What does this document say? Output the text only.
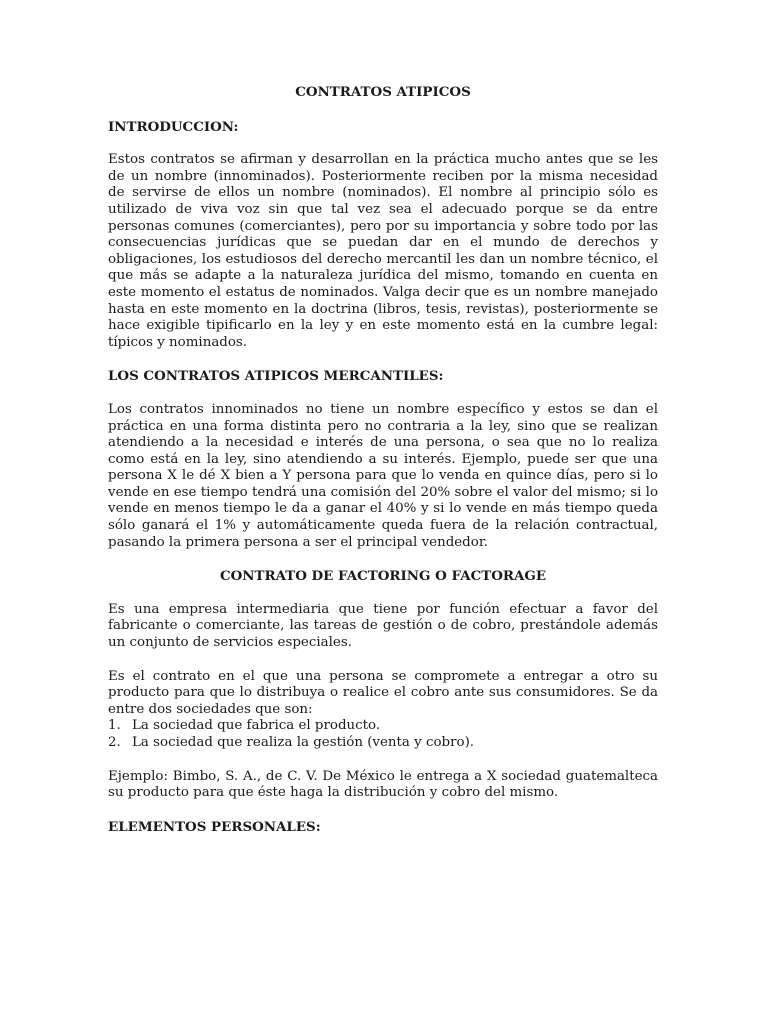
CONTRATOS ATIPICOS
INTRODUCCION:

Estos contratos se afirman y desarrollan en la práctica mucho antes que se les de un nombre (innominados). Posteriormente reciben por la misma necesidad de servirse de ellos un nombre (nominados). El nombre al principio sólo es utilizado de viva voz sin que tal vez sea el adecuado porque se da entre personas comunes (comerciantes), pero por su importancia y sobre todo por las consecuencias jurídicas que se puedan dar en el mundo de derechos y obligaciones, los estudiosos del derecho mercantil les dan un nombre técnico, el que más se adapte a la naturaleza jurídica del mismo, tomando en cuenta en este momento el estatus de nominados. Valga decir que es un nombre manejado hasta en este momento en la doctrina (libros, tesis, revistas), posteriormente se hace exigible tipificarlo en la ley y en este momento está en la cumbre legal: típicos y nominados.

LOS CONTRATOS ATIPICOS MERCANTILES:

Los contratos innominados no tiene un nombre específico y estos se dan el práctica en una forma distinta pero no contraria a la ley, sino que se realizan atendiendo a la necesidad e interés de una persona, o sea que no lo realiza como está en la ley, sino atendiendo a su interés. Ejemplo, puede ser que una persona X le dé X bien a Y persona para que lo venda en quince días, pero si lo vende en ese tiempo tendrá una comisión del 20% sobre el valor del mismo; si lo vende en menos tiempo le da a ganar el 40% y si lo vende en más tiempo queda sólo ganará el 1% y automáticamente queda fuera de la relación contractual, pasando la primera persona a ser el principal vendedor.

CONTRATO DE FACTORING O FACTORAGE

Es una empresa intermediaria que tiene por función efectuar a favor del fabricante o comerciante, las tareas de gestión o de cobro, prestándole además un conjunto de servicios especiales.

Es el contrato en el que una persona se compromete a entregar a otro su producto para que lo distribuya o realice el cobro ante sus consumidores. Se da entre dos sociedades que son:

1. La sociedad que fabrica el producto.
2. La sociedad que realiza la gestión (venta y cobro).

Ejemplo: Bimbo, S. A., de C. V. De México le entrega a X sociedad guatemalteca su producto para que éste haga la distribución y cobro del mismo.

ELEMENTOS PERSONALES:
